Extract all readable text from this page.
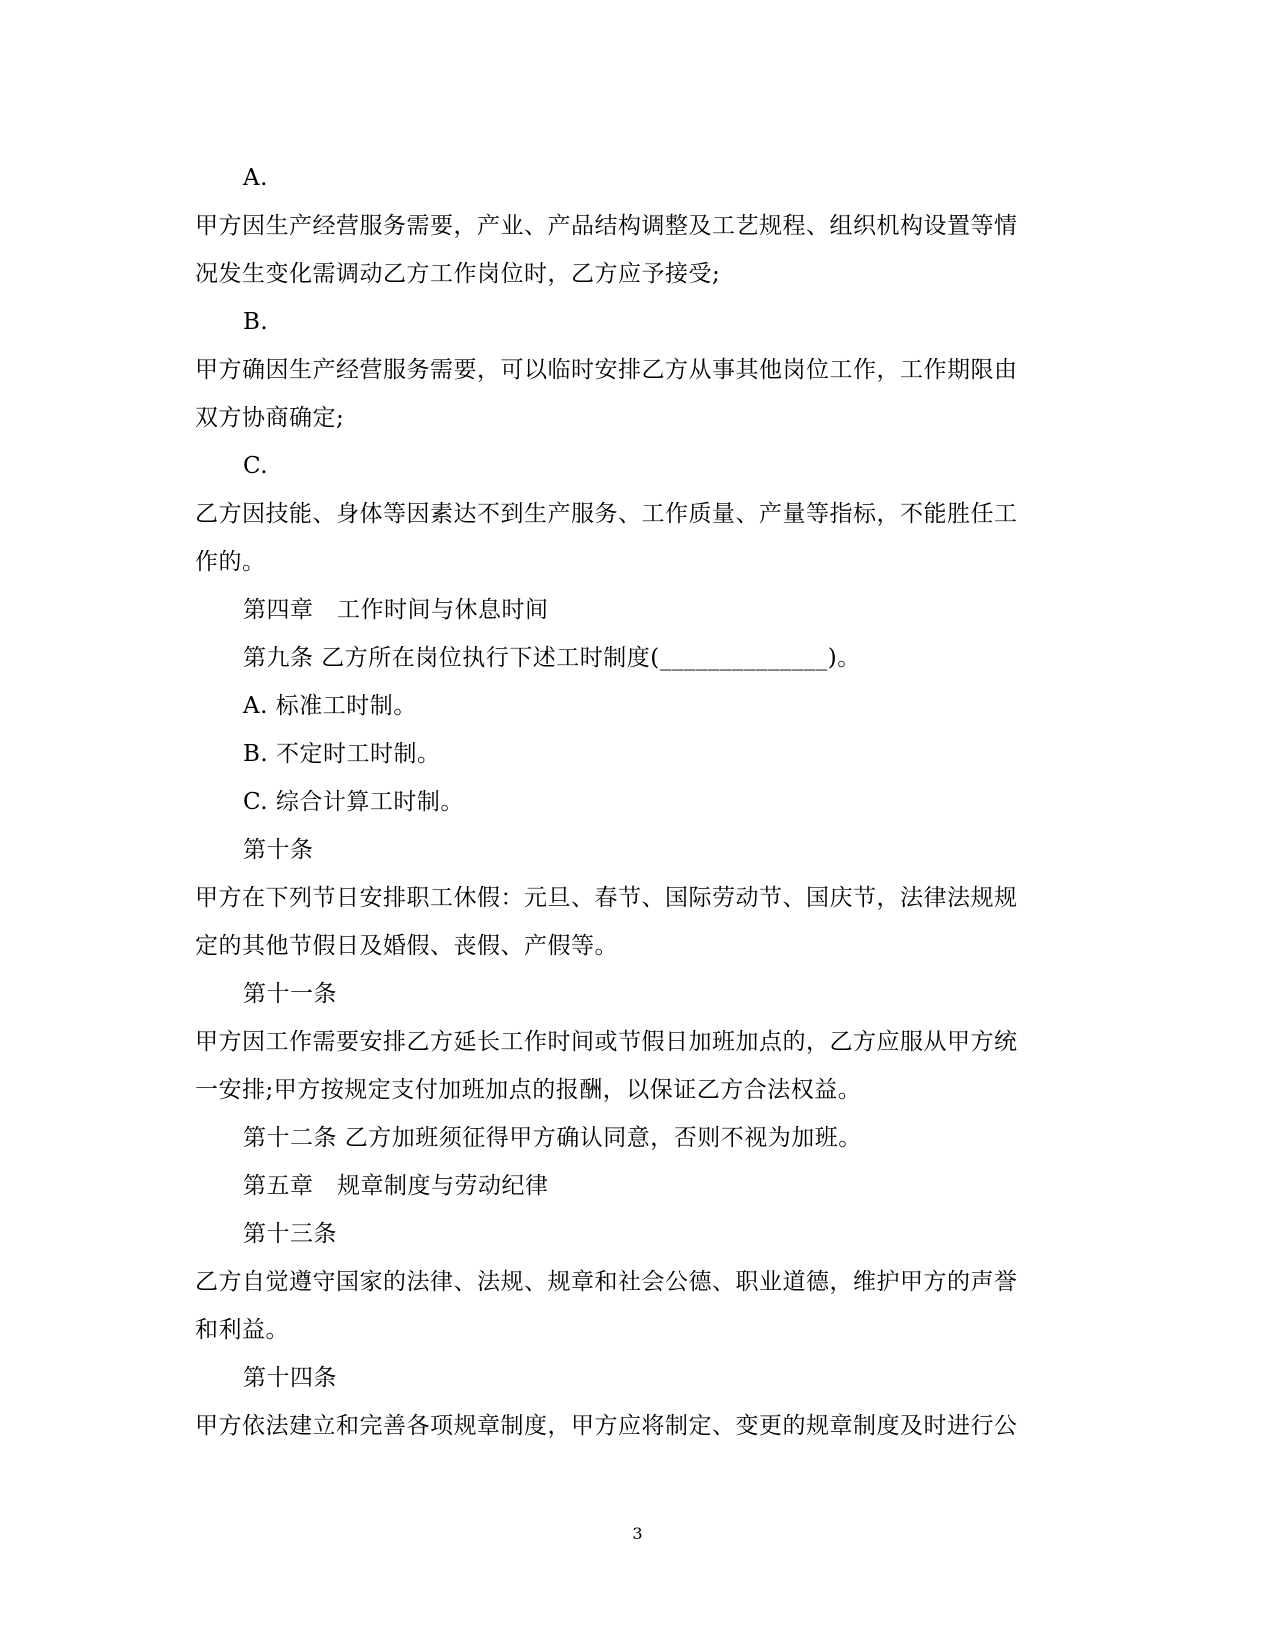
A.
甲方因生产经营服务需要，产业、产品结构调整及工艺规程、组织机构设置等情
况发生变化需调动乙方工作岗位时，乙方应予接受;
B.
甲方确因生产经营服务需要，可以临时安排乙方从事其他岗位工作，工作期限由
双方协商确定;
C.
乙方因技能、身体等因素达不到生产服务、工作质量、产量等指标，不能胜任工
作的。
第四章　工作时间与休息时间
第九条 乙方所在岗位执行下述工时制度(______________)。
A. 标准工时制。
B. 不定时工时制。
C. 综合计算工时制。
第十条
甲方在下列节日安排职工休假：元旦、春节、国际劳动节、国庆节，法律法规规
定的其他节假日及婚假、丧假、产假等。
第十一条
甲方因工作需要安排乙方延长工作时间或节假日加班加点的，乙方应服从甲方统
一安排;甲方按规定支付加班加点的报酬，以保证乙方合法权益。
第十二条 乙方加班须征得甲方确认同意，否则不视为加班。
第五章　规章制度与劳动纪律
第十三条
乙方自觉遵守国家的法律、法规、规章和社会公德、职业道德，维护甲方的声誉
和利益。
第十四条
甲方依法建立和完善各项规章制度，甲方应将制定、变更的规章制度及时进行公
3
